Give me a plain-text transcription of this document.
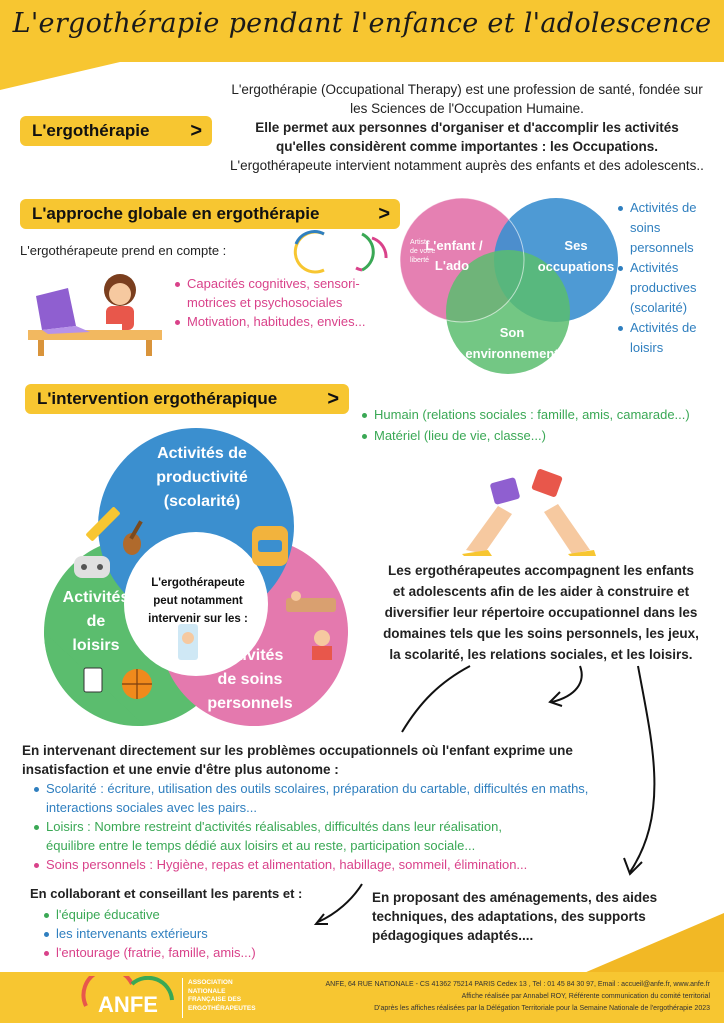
L'ergothérapie pendant l'enfance et l'adolescence
L'ergothérapie >
L'ergothérapie (Occupational Therapy) est une profession de santé, fondée sur
les Sciences de l'Occupation Humaine.
Elle permet aux personnes d'organiser et d'accomplir les activités
qu'elles considèrent comme importantes : les Occupations.
L'ergothérapeute intervient notamment auprès des enfants et des adolescents..
L'approche globale en ergothérapie	>
L'ergothérapeute prend en compte :
Capacités cognitives, sensori-
motrices et psychosociales
Motivation, habitudes, envies...
Artiste
de votre
liberté
L'enfant /
L'ado
Ses
occupations
Son
environnement
Activités de
soins
personnels
Activités
productives
(scolarité)
Activités de
loisirs
L'intervention ergothérapique	>
Humain (relations sociales : famille, amis, camarade...)
Matériel (lieu de vie, classe...)
Activités de
productivité
(scolarité)
Activités
de
loisirs
Activités
de soins
personnels
L'ergothérapeute
peut notamment
intervenir sur les :
Les ergothérapeutes accompagnent les enfants
et adolescents afin de les aider à construire et
diversifier leur répertoire occupationnel dans les
domaines tels que les soins personnels, les jeux,
la scolarité, les relations sociales, et les loisirs.
En intervenant directement sur les problèmes occupationnels où l'enfant exprime une
insatisfaction et une envie d'être plus autonome :
Scolarité : écriture, utilisation des outils scolaires, préparation du cartable, difficultés en maths,
interactions sociales avec les pairs...
Loisirs : Nombre restreint d'activités réalisables, difficultés dans leur réalisation,
équilibre entre le temps dédié aux loisirs et au reste, participation sociale...
Soins personnels : Hygiène, repas et alimentation, habillage, sommeil, élimination...
En collaborant et conseillant les parents et :
l'équipe éducative
les intervenants extérieurs
l'entourage (fratrie, famille, amis...)
En proposant des aménagements, des aides
techniques, des adaptations, des supports
pédagogiques adaptés....
ANFE
ASSOCIATION
NATIONALE
FRANÇAISE DES
ERGOTHÉRAPEUTES
ANFE, 64 RUE NATIONALE - CS 41362 75214 PARIS Cedex 13 , Tel : 01 45 84 30 97, Email : accueil@anfe.fr, www.anfe.fr
Affiche réalisée par Annabel ROY, Référente communication du comité territorial
D'après les affiches réalisées par la Délégation Territoriale pour la Semaine Nationale de l'ergothérapie 2023
